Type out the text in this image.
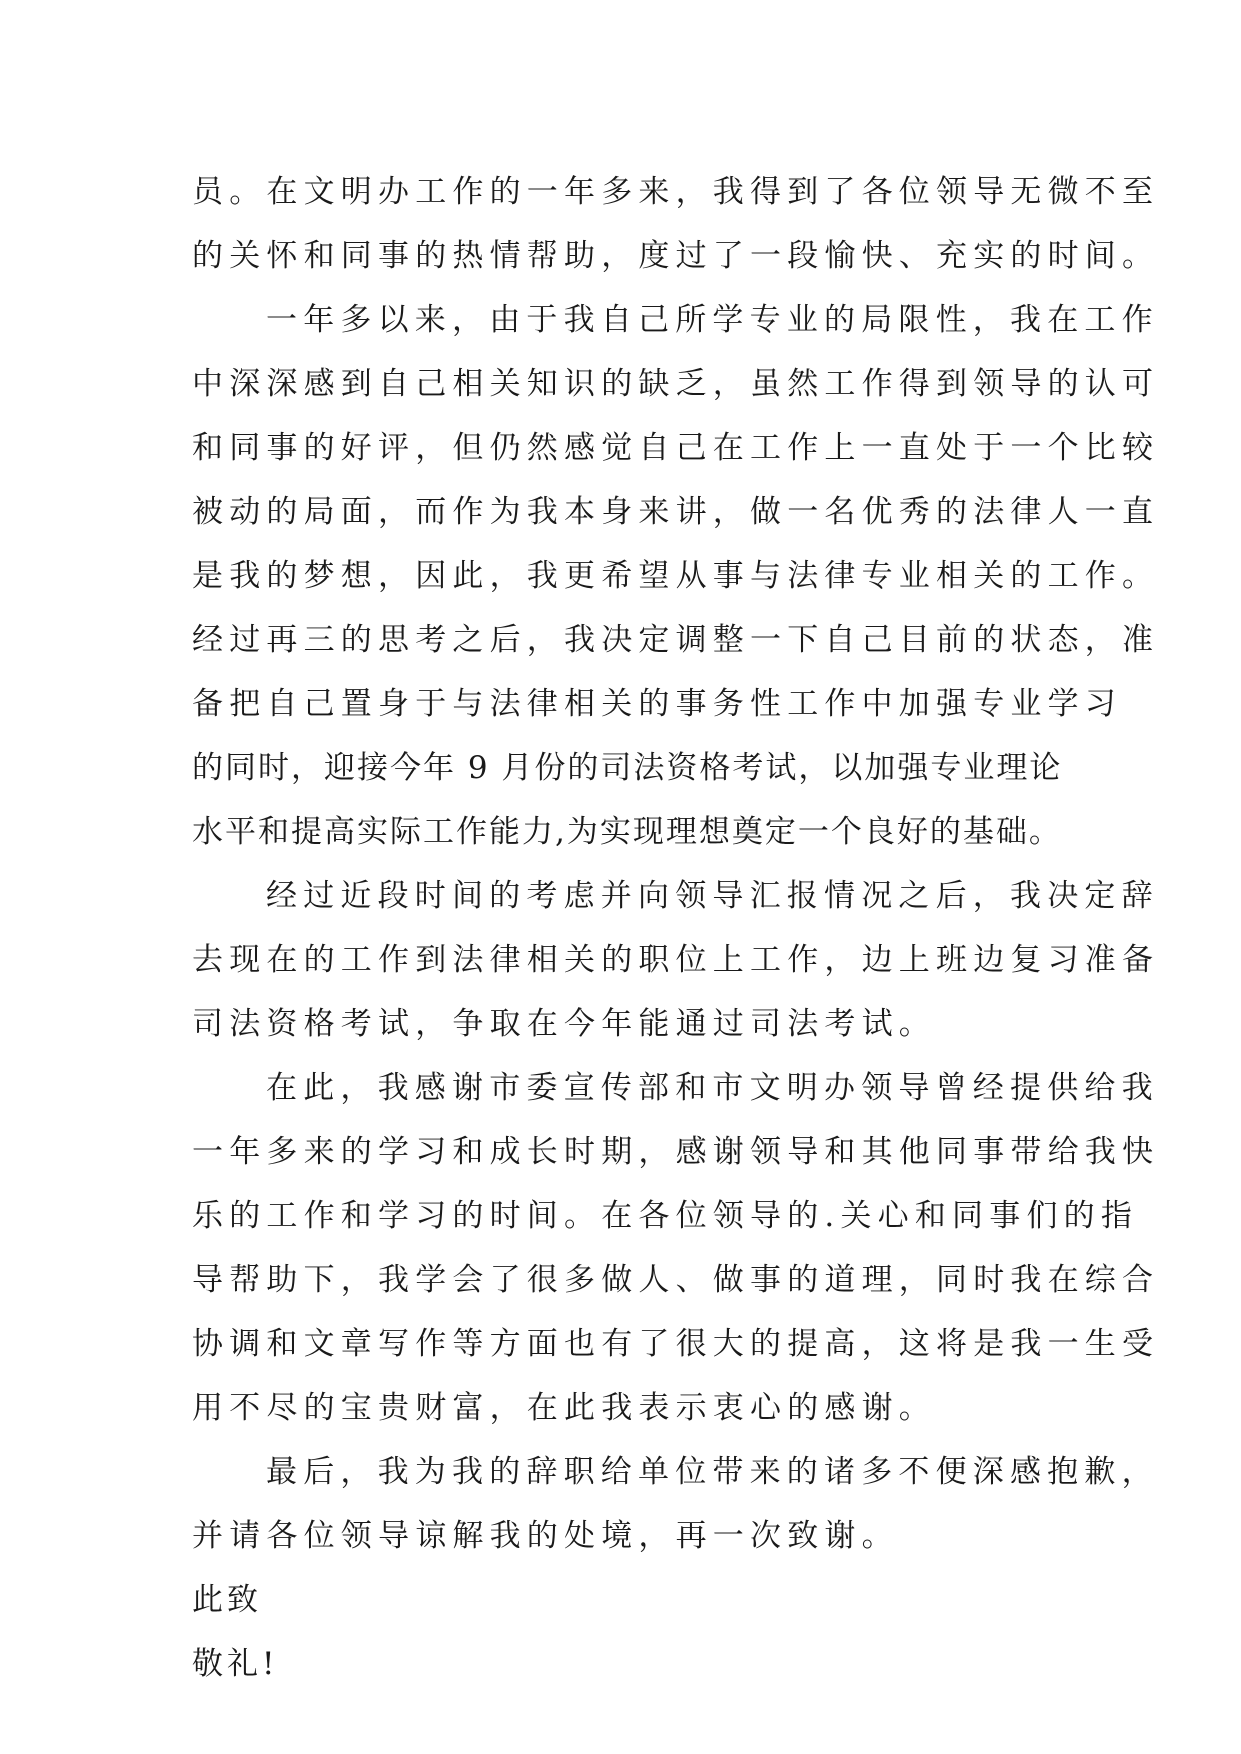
员。在文明办工作的一年多来，我得到了各位领导无微不至
的关怀和同事的热情帮助，度过了一段愉快、充实的时间。
一年多以来，由于我自己所学专业的局限性，我在工作
中深深感到自己相关知识的缺乏，虽然工作得到领导的认可
和同事的好评，但仍然感觉自己在工作上一直处于一个比较
被动的局面，而作为我本身来讲，做一名优秀的法律人一直
是我的梦想，因此，我更希望从事与法律专业相关的工作。
经过再三的思考之后，我决定调整一下自己目前的状态，准
备把自己置身于与法律相关的事务性工作中加强专业学习
的同时，迎接今年 9 月份的司法资格考试，以加强专业理论
水平和提高实际工作能力,为实现理想奠定一个良好的基础。
经过近段时间的考虑并向领导汇报情况之后，我决定辞
去现在的工作到法律相关的职位上工作，边上班边复习准备
司法资格考试，争取在今年能通过司法考试。
在此，我感谢市委宣传部和市文明办领导曾经提供给我
一年多来的学习和成长时期，感谢领导和其他同事带给我快
乐的工作和学习的时间。在各位领导的.关心和同事们的指
导帮助下，我学会了很多做人、做事的道理，同时我在综合
协调和文章写作等方面也有了很大的提高，这将是我一生受
用不尽的宝贵财富，在此我表示衷心的感谢。
最后，我为我的辞职给单位带来的诸多不便深感抱歉，
并请各位领导谅解我的处境，再一次致谢。
此致
敬礼!
